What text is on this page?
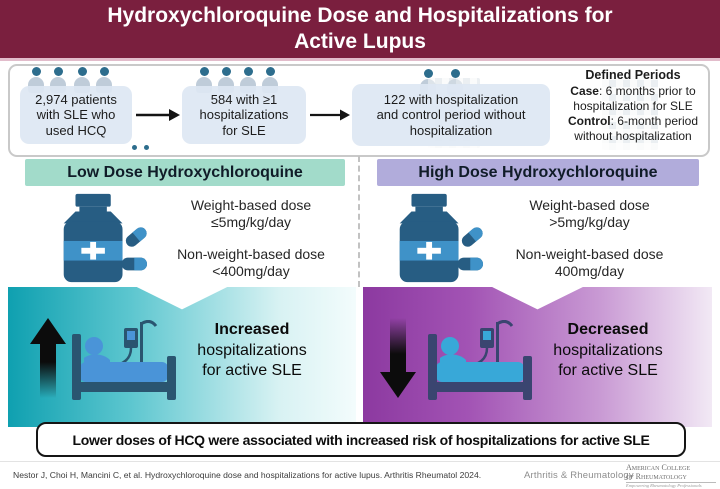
Hydroxychloroquine Dose and Hospitalizations for
Active Lupus
2,974 patients
with SLE who
used HCQ
584 with ≥1
hospitalizations
for SLE
122 with hospitalization
and control period without
hospitalization
Defined Periods

Case: 6 months prior to hospitalization for SLE

Control: 6-month period without hospitalization

Low Dose Hydroxychloroquine	High Dose Hydroxychloroquine
Weight-based dose
≤5mg/kg/day
Non-weight-based dose
<400mg/day
Weight-based dose
>5mg/kg/day
Non-weight-based dose
400mg/day
Increased
hospitalizations
for active SLE
Decreased
hospitalizations
for active SLE
Lower doses of HCQ were associated with increased risk of hospitalizations for active SLE
Nestor J, Choi H, Mancini C, et al. Hydroxychloroquine dose and hospitalizations for active lupus. Arthritis Rheumatol 2024.	Arthritis & Rheumatology
American College
of Rheumatology
Empowering Rheumatology Professionals
